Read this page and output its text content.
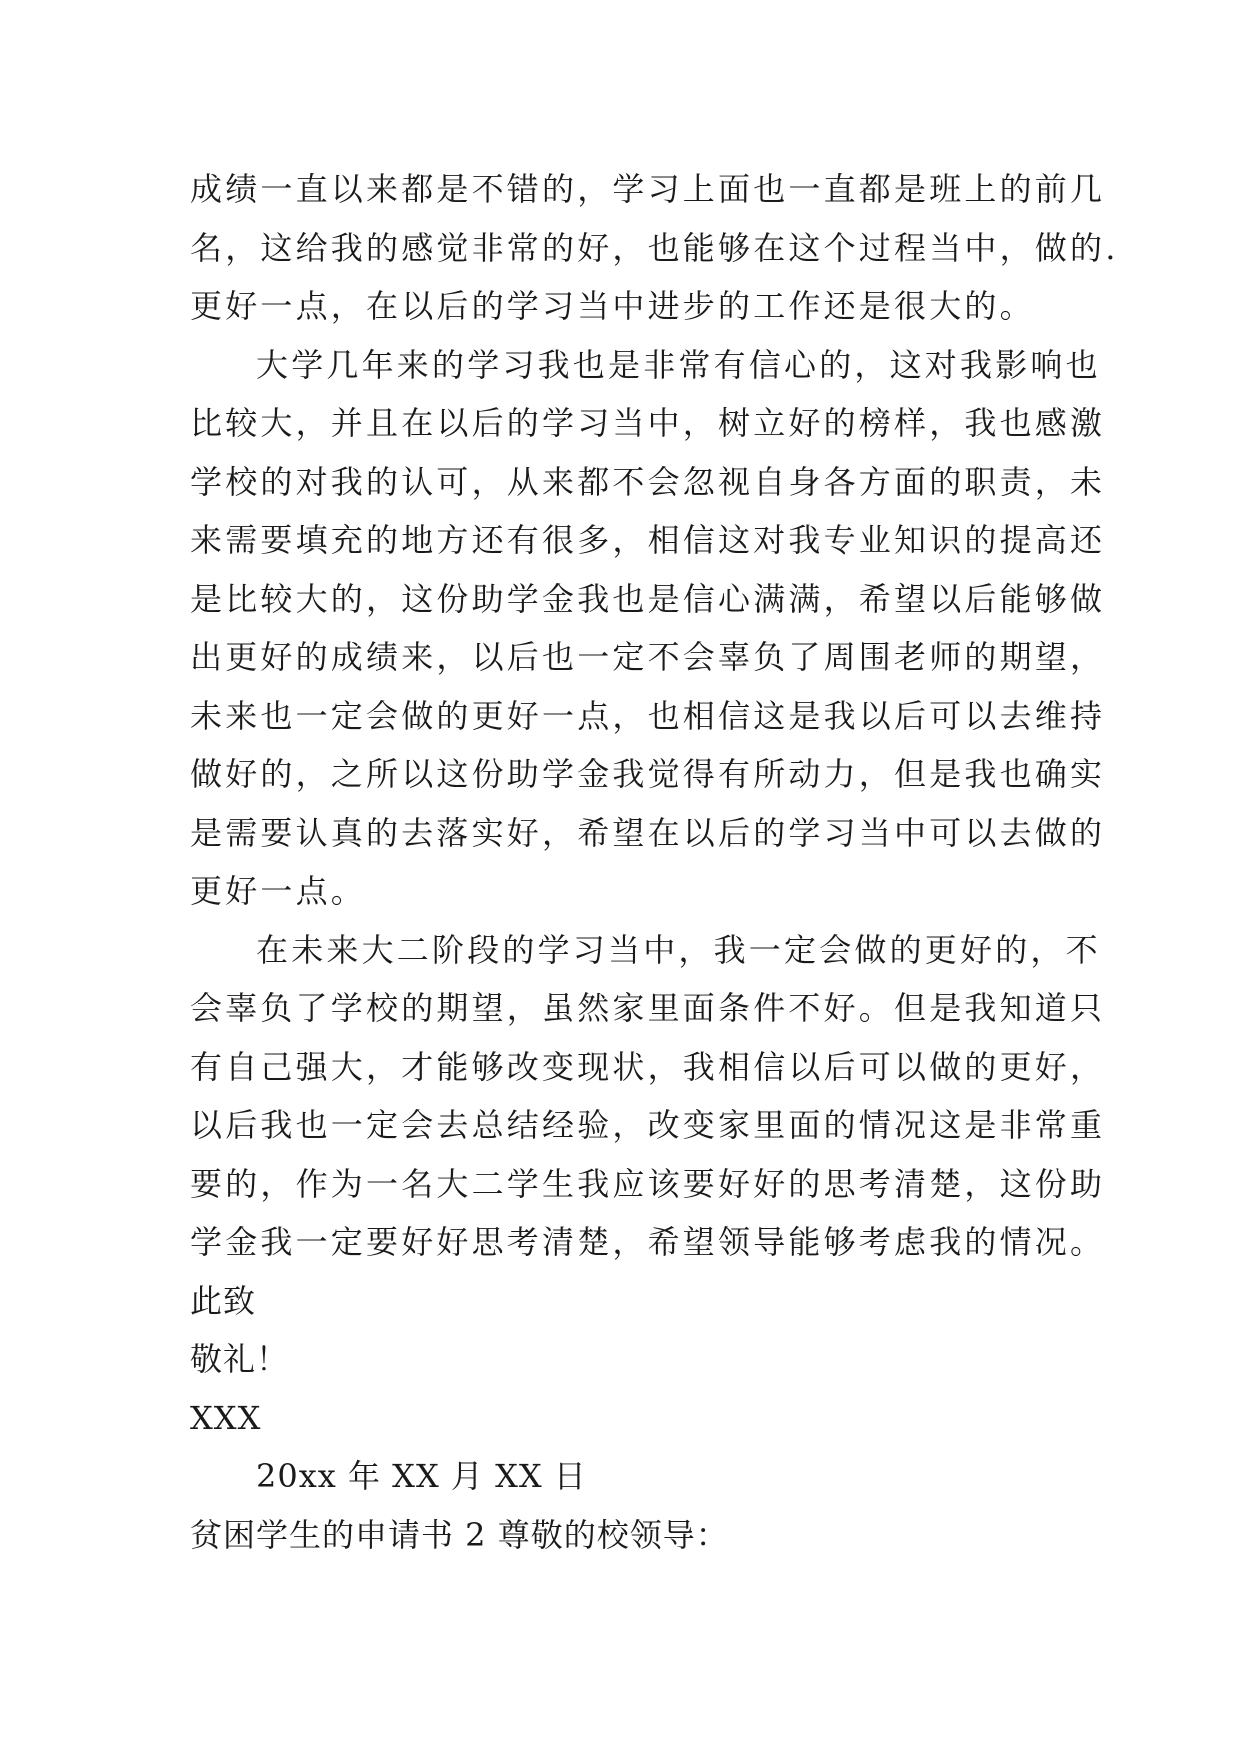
成绩一直以来都是不错的，学习上面也一直都是班上的前几
名，这给我的感觉非常的好，也能够在这个过程当中，做的.
更好一点，在以后的学习当中进步的工作还是很大的。
大学几年来的学习我也是非常有信心的，这对我影响也
比较大，并且在以后的学习当中，树立好的榜样，我也感激
学校的对我的认可，从来都不会忽视自身各方面的职责，未
来需要填充的地方还有很多，相信这对我专业知识的提高还
是比较大的，这份助学金我也是信心满满，希望以后能够做
出更好的成绩来，以后也一定不会辜负了周围老师的期望，
未来也一定会做的更好一点，也相信这是我以后可以去维持
做好的，之所以这份助学金我觉得有所动力，但是我也确实
是需要认真的去落实好，希望在以后的学习当中可以去做的
更好一点。
在未来大二阶段的学习当中，我一定会做的更好的，不
会辜负了学校的期望，虽然家里面条件不好。但是我知道只
有自己强大，才能够改变现状，我相信以后可以做的更好，
以后我也一定会去总结经验，改变家里面的情况这是非常重
要的，作为一名大二学生我应该要好好的思考清楚，这份助
学金我一定要好好思考清楚，希望领导能够考虑我的情况。
此致
敬礼！
XXX
20xx 年 XX 月 XX 日
贫困学生的申请书 2 尊敬的校领导：
